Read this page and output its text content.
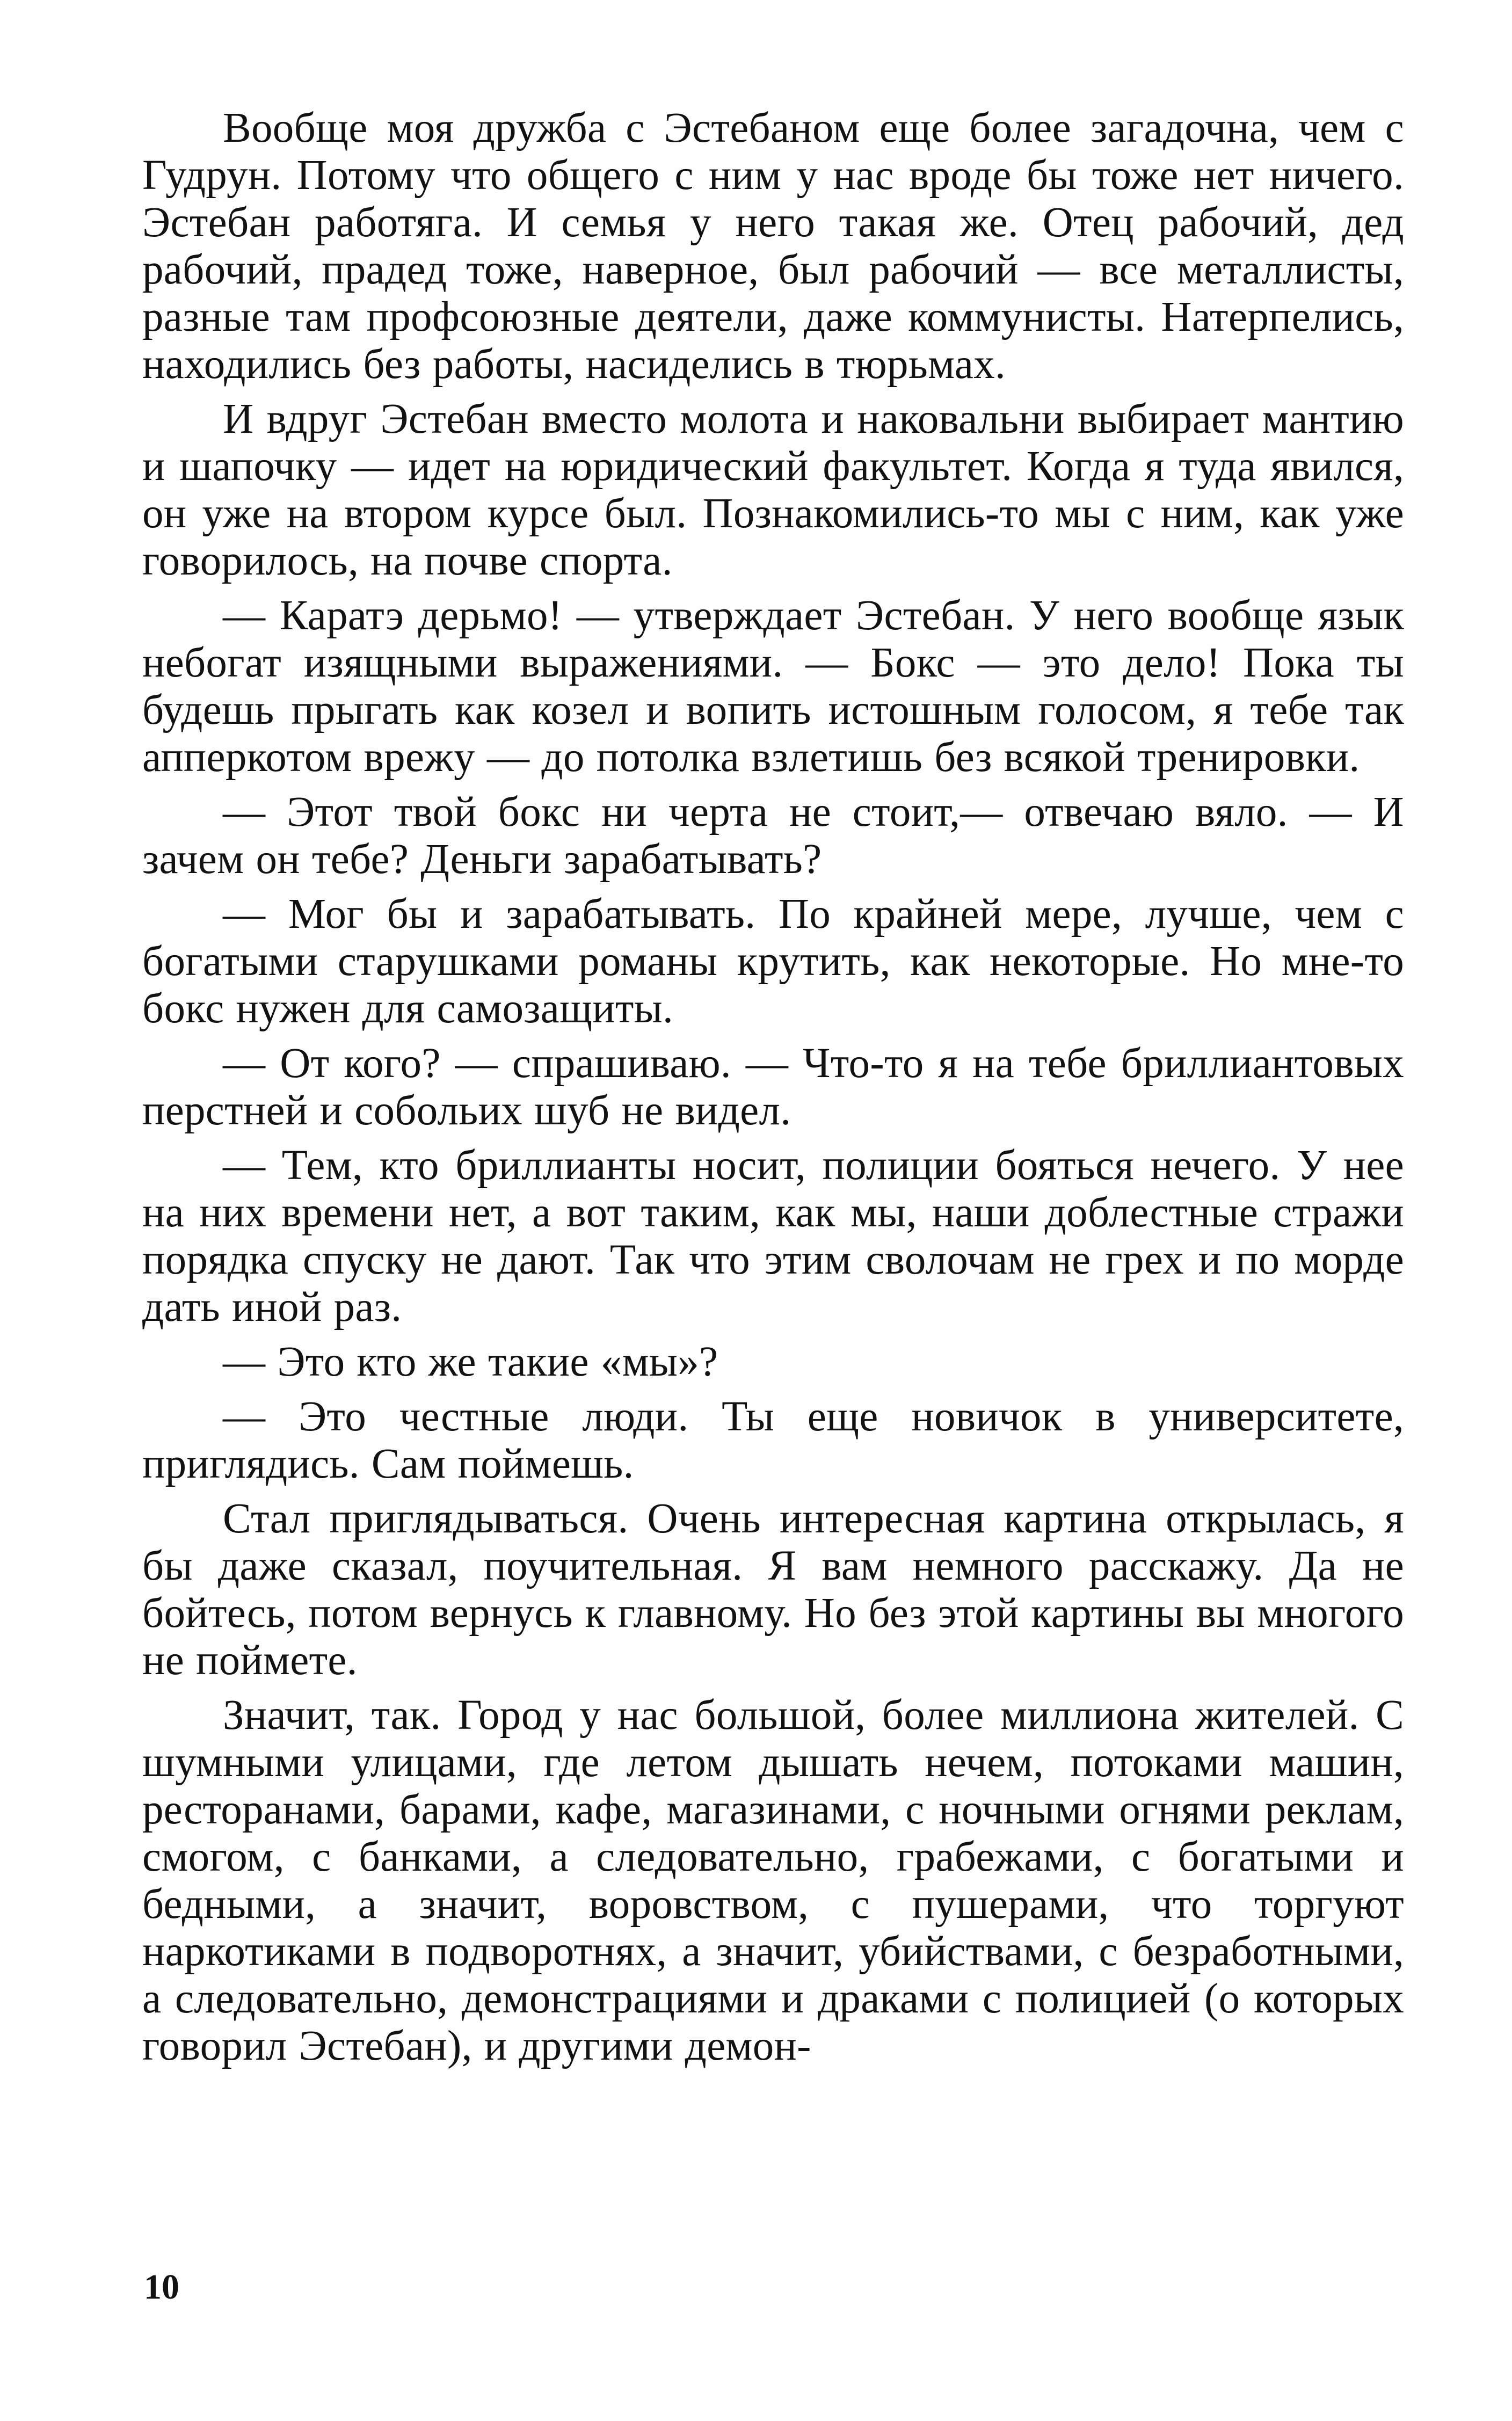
Вообще моя дружба с Эстебаном еще более загадочна, чем с Гудрун. Потому что общего с ним у нас вроде бы тоже нет ничего. Эстебан работяга. И семья у него такая же. Отец рабочий, дед рабочий, прадед тоже, наверное, был рабочий — все металлисты, разные там профсоюзные деятели, даже коммунисты. Натерпелись, находились без работы, насиделись в тюрьмах.

И вдруг Эстебан вместо молота и наковальни выбирает мантию и шапочку — идет на юридический факультет. Когда я туда явился, он уже на втором курсе был. Познакомились-то мы с ним, как уже говорилось, на почве спорта.

— Каратэ дерьмо! — утверждает Эстебан. У него вообще язык небогат изящными выражениями. — Бокс — это дело! Пока ты будешь прыгать как козел и вопить истошным голосом, я тебе так апперкотом врежу — до потолка взлетишь без всякой тренировки.

— Этот твой бокс ни черта не стоит,— отвечаю вяло. — И зачем он тебе? Деньги зарабатывать?

— Мог бы и зарабатывать. По крайней мере, лучше, чем с богатыми старушками романы крутить, как некоторые. Но мне-то бокс нужен для самозащиты.

— От кого? — спрашиваю. — Что-то я на тебе бриллиантовых перстней и собольих шуб не видел.

— Тем, кто бриллианты носит, полиции бояться нечего. У нее на них времени нет, а вот таким, как мы, наши доблестные стражи порядка спуску не дают. Так что этим сволочам не грех и по морде дать иной раз.

— Это кто же такие «мы»?

— Это честные люди. Ты еще новичок в университете, приглядись. Сам поймешь.

Стал приглядываться. Очень интересная картина открылась, я бы даже сказал, поучительная. Я вам немного расскажу. Да не бойтесь, потом вернусь к главному. Но без этой картины вы многого не поймете.

Значит, так. Город у нас большой, более миллиона жителей. С шумными улицами, где летом дышать нечем, потоками машин, ресторанами, барами, кафе, магазинами, с ночными огнями реклам, смогом, с банками, а следовательно, грабежами, с богатыми и бедными, а значит, воровством, с пушерами, что торгуют наркотиками в подворотнях, а значит, убийствами, с безработными, а следовательно, демонстрациями и драками с полицией (о которых говорил Эстебан), и другими демон-

10
